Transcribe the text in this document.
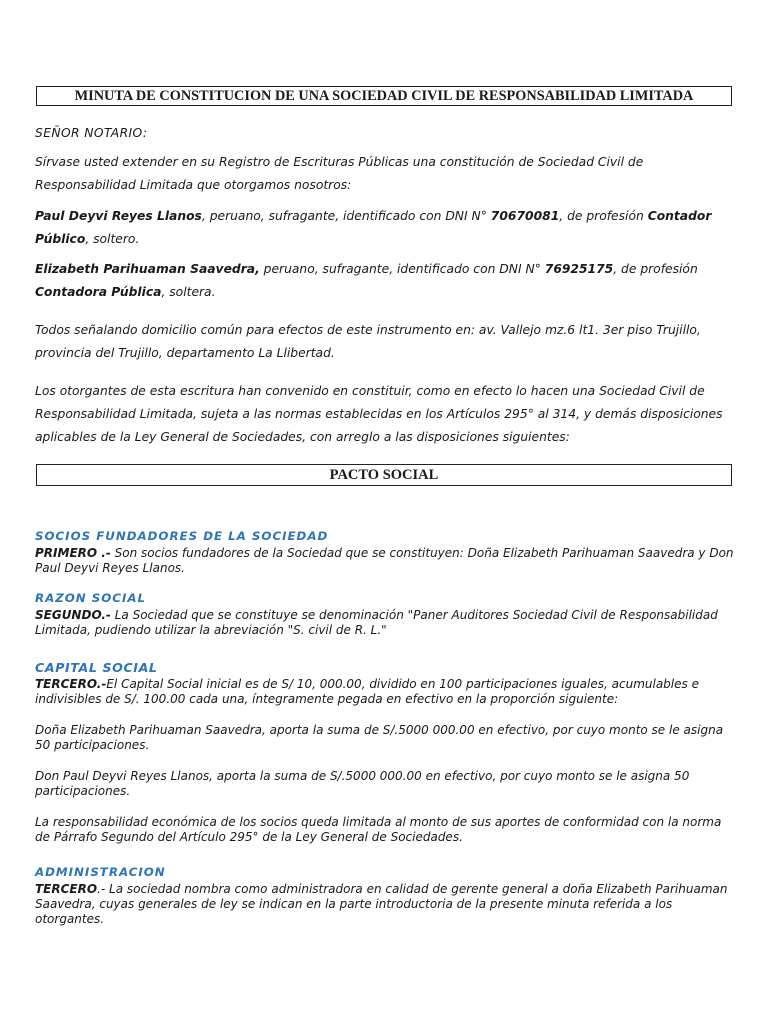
MINUTA DE CONSTITUCION DE UNA SOCIEDAD CIVIL DE RESPONSABILIDAD LIMITADA

SEÑOR NOTARIO:

Sírvase usted extender en su Registro de Escrituras Públicas una constitución de Sociedad Civil de Responsabilidad Limitada que otorgamos nosotros:

Paul Deyvi Reyes Llanos, peruano, sufragante, identificado con DNI N° 70670081, de profesión Contador Público, soltero.

Elizabeth Parihuaman Saavedra, peruano, sufragante, identificado con DNI N° 76925175, de profesión Contadora Pública, soltera.

Todos señalando domicilio común para efectos de este instrumento en: av. Vallejo mz.6 lt1. 3er piso Trujillo, provincia del Trujillo, departamento La Llibertad.

Los otorgantes de esta escritura han convenido en constituir, como en efecto lo hacen una Sociedad Civil de Responsabilidad Limitada, sujeta a las normas establecidas en los Artículos 295° al 314, y demás disposiciones aplicables de la Ley General de Sociedades, con arreglo a las disposiciones siguientes:

PACTO SOCIAL
SOCIOS FUNDADORES DE LA SOCIEDAD

PRIMERO .- Son socios fundadores de la Sociedad que se constituyen: Doña Elizabeth Parihuaman Saavedra y Don Paul Deyvi Reyes Llanos.

RAZON SOCIAL

SEGUNDO.- La Sociedad que se constituye se denominación "Paner Auditores Sociedad Civil de Responsabilidad Limitada, pudiendo utilizar la abreviación "S. civil de R. L."

CAPITAL SOCIAL

TERCERO.-El Capital Social inicial es de S/ 10, 000.00, dividido en 100 participaciones iguales, acumulables e indivisibles de S/. 100.00 cada una, íntegramente pegada en efectivo en la proporción siguiente:

Doña Elizabeth Parihuaman Saavedra, aporta la suma de S/.5000 000.00 en efectivo, por cuyo monto se le asigna 50 participaciones.

Don Paul Deyvi Reyes Llanos, aporta la suma de S/.5000 000.00 en efectivo, por cuyo monto se le asigna 50 participaciones.

La responsabilidad económica de los socios queda limitada al monto de sus aportes de conformidad con la norma de Párrafo Segundo del Artículo 295° de la Ley General de Sociedades.

ADMINISTRACION

TERCERO.- La sociedad nombra como administradora en calidad de gerente general a doña Elizabeth Parihuaman Saavedra, cuyas generales de ley se indican en la parte introductoria de la presente minuta referida a los otorgantes.
